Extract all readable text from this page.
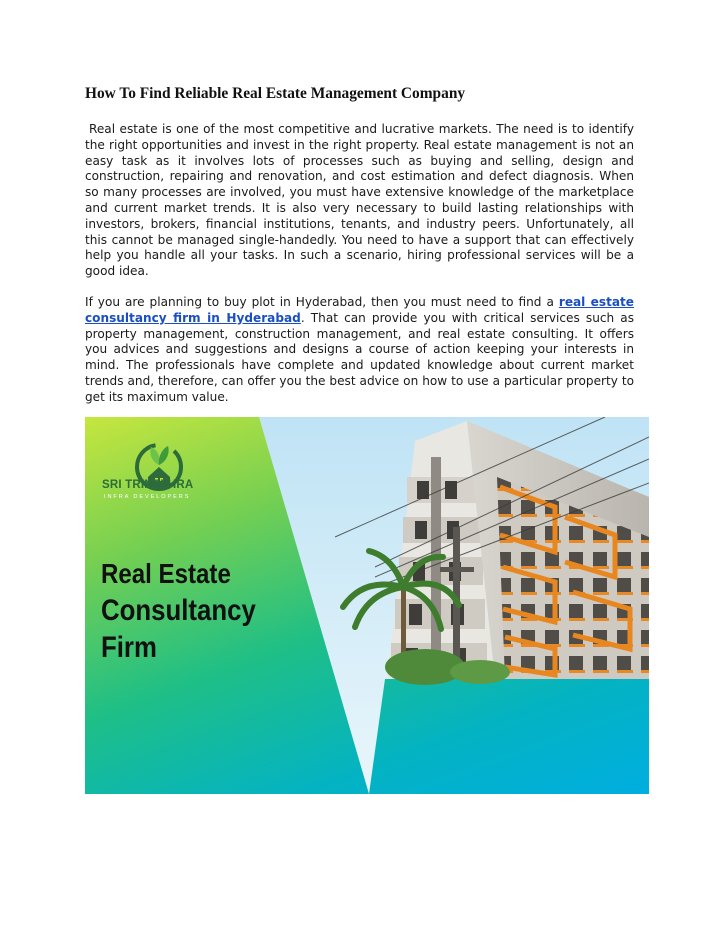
How To Find Reliable Real Estate Management Company

Real estate is one of the most competitive and lucrative markets. The need is to identify the right opportunities and invest in the right property. Real estate management is not an easy task as it involves lots of processes such as buying and selling, design and construction, repairing and renovation, and cost estimation and defect diagnosis. When so many processes are involved, you must have extensive knowledge of the marketplace and current market trends. It is also very necessary to build lasting relationships with investors, brokers, financial institutions, tenants, and industry peers. Unfortunately, all this cannot be managed single-handedly. You need to have a support that can effectively help you handle all your tasks. In such a scenario, hiring professional services will be a good idea.

If you are planning to buy plot in Hyderabad, then you must need to find a real estate consultancy firm in Hyderabad. That can provide you with critical services such as property management, construction management, and real estate consulting. It offers you advices and suggestions and designs a course of action keeping your interests in mind. The professionals have complete and updated knowledge about current market trends and, therefore, can offer you the best advice on how to use a particular property to get its maximum value.

SRI TRINETHRA
INFRA DEVELOPERS
Real Estate
Consultancy
Firm
